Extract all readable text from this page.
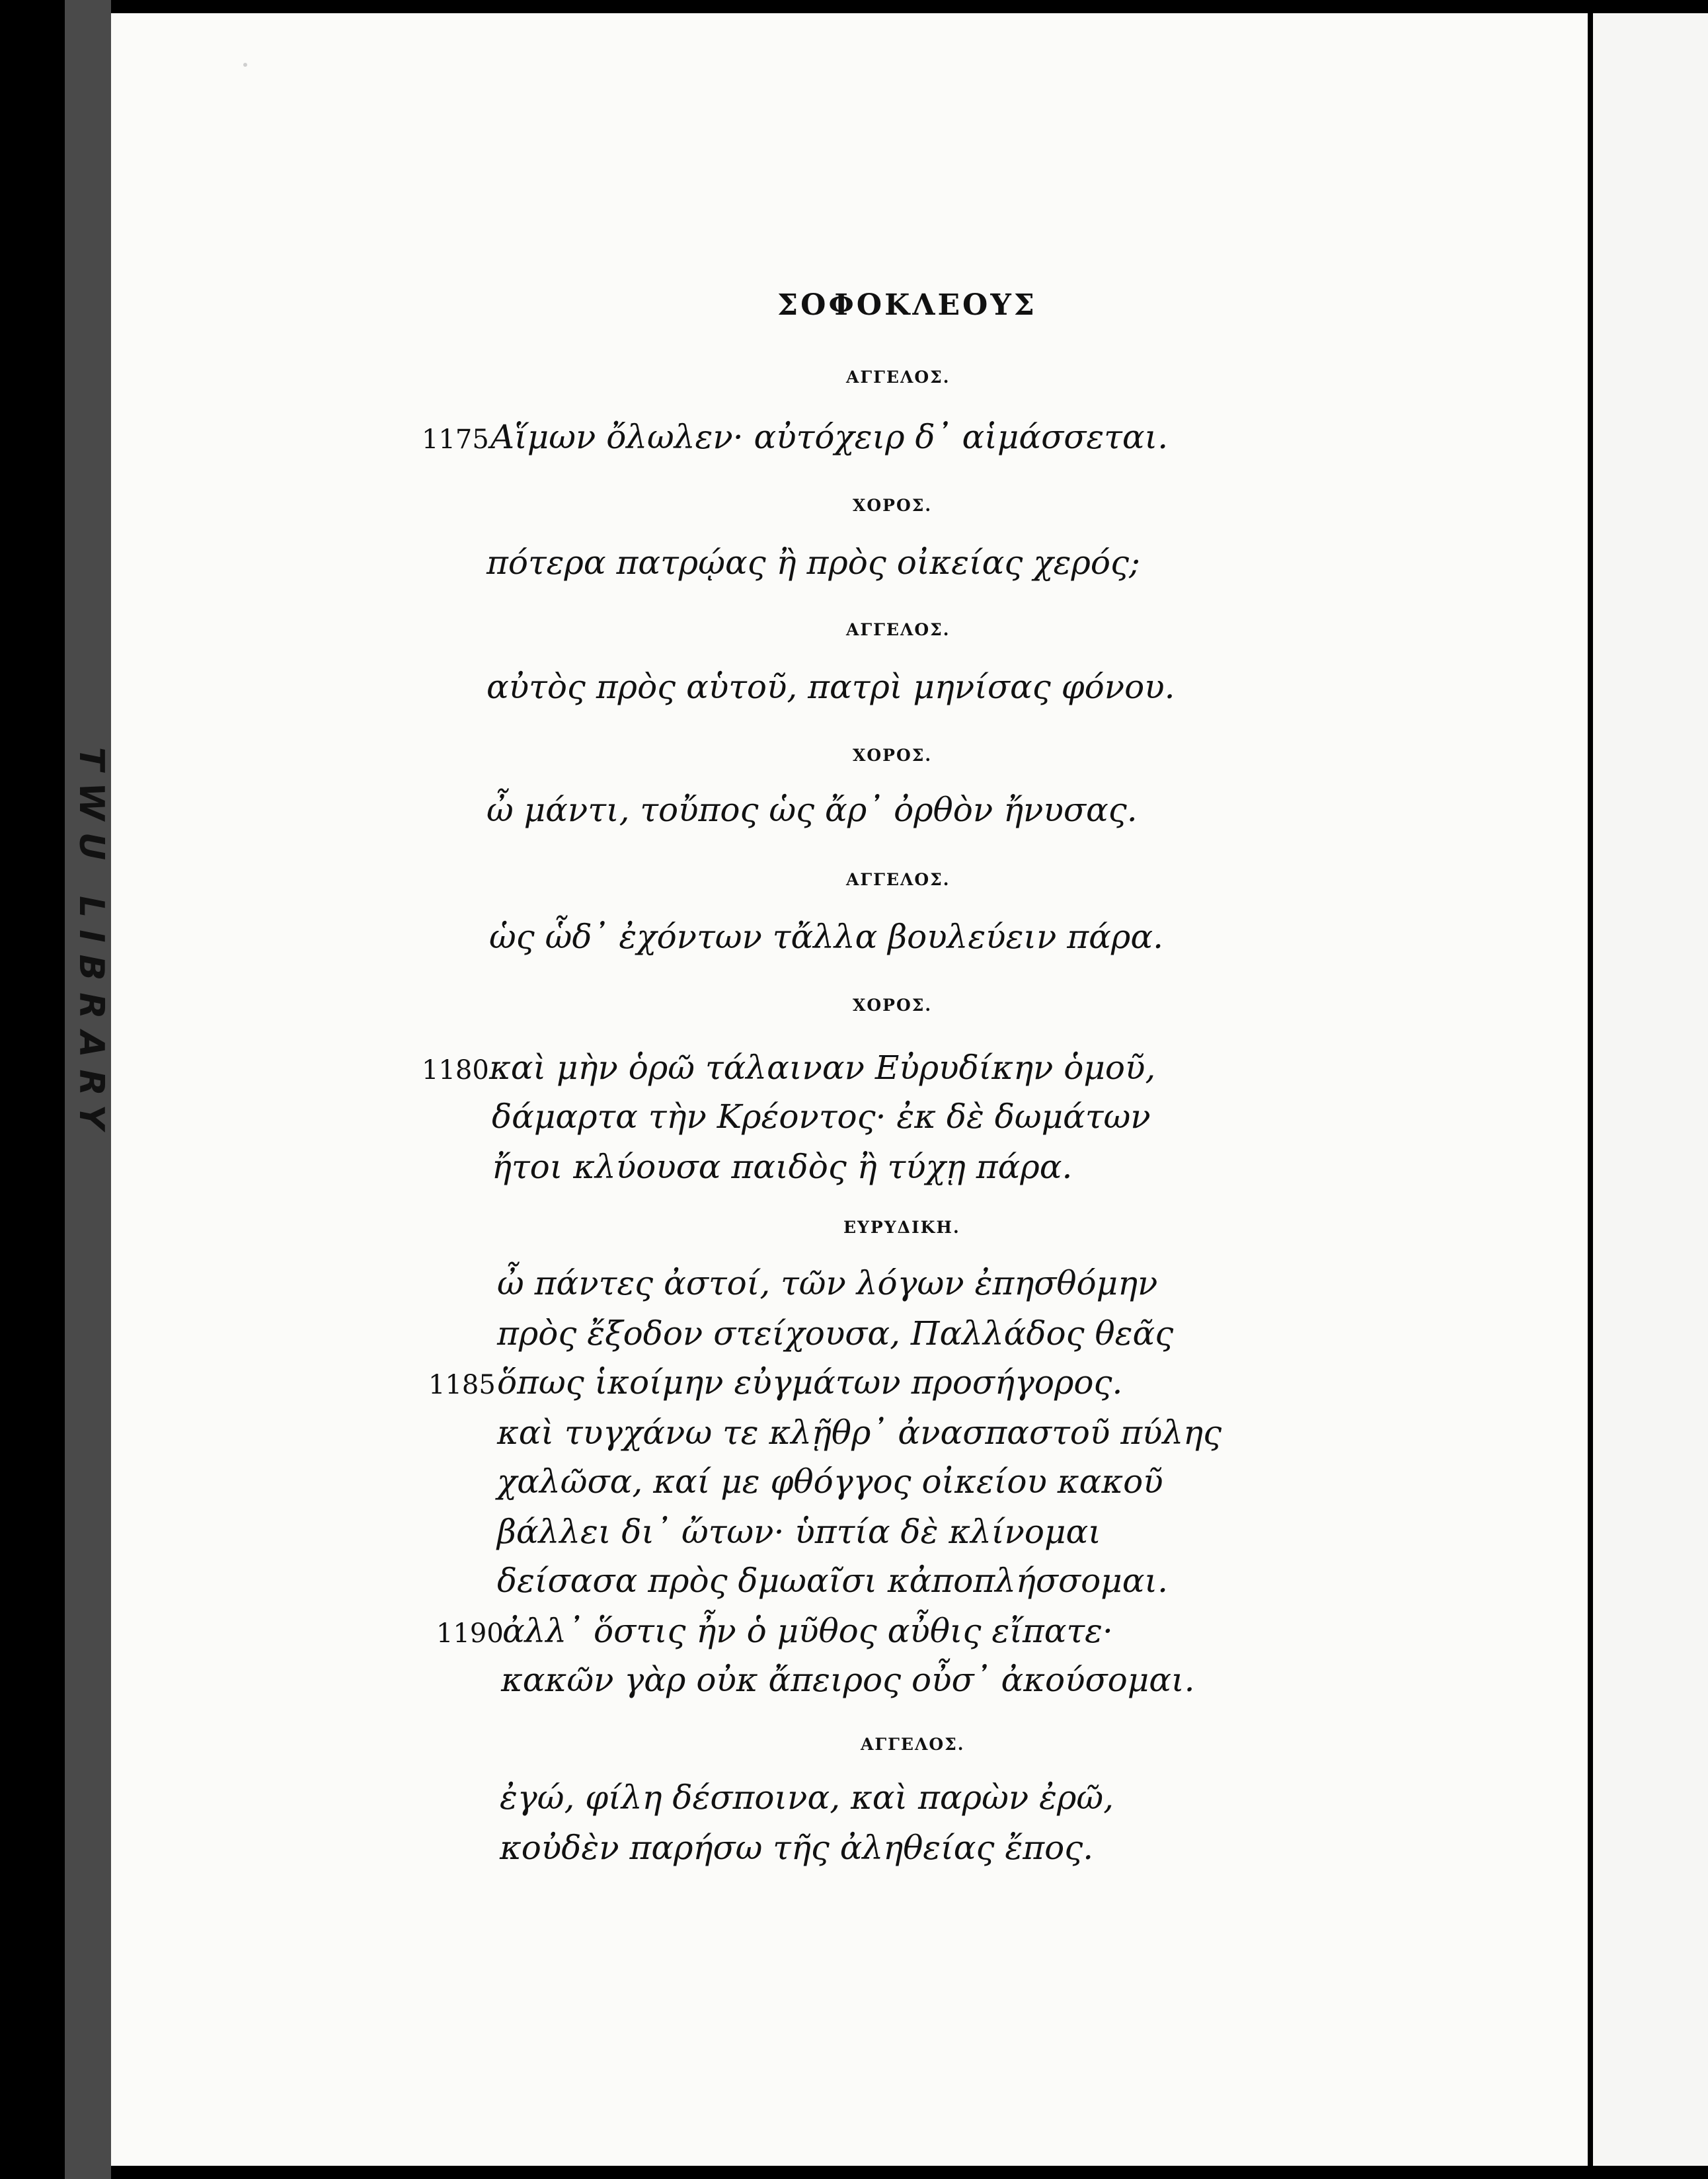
TWU LIBRARY
ΣΟΦΟΚΛΕΟΥΣ
ΑΓΓΕΛΟΣ.
ΧΟΡΟΣ.
ΑΓΓΕΛΟΣ.
ΧΟΡΟΣ.
ΑΓΓΕΛΟΣ.
ΧΟΡΟΣ.
ΕΥΡΥΔΙΚΗ.
ΑΓΓΕΛΟΣ.
1175
1180
1185
1190
Αἵμων ὄλωλεν· αὐτόχειρ δ᾽ αἱμάσσεται.
πότερα πατρῴας ἢ πρὸς οἰκείας χερός;
αὐτὸς πρὸς αὑτοῦ, πατρὶ μηνίσας φόνου.
ὦ μάντι, τοὔπος ὡς ἄρ᾽ ὀρθὸν ἤνυσας.
ὡς ὧδ᾽ ἐχόντων τἄλλα βουλεύειν πάρα.
καὶ μὴν ὁρῶ τάλαιναν Εὐρυδίκην ὁμοῦ,
δάμαρτα τὴν Κρέοντος· ἐκ δὲ δωμάτων
ἤτοι κλύουσα παιδὸς ἢ τύχῃ πάρα.
ὦ πάντες ἀστοί, τῶν λόγων ἐπησθόμην
πρὸς ἔξοδον στείχουσα, Παλλάδος θεᾶς
ὅπως ἱκοίμην εὐγμάτων προσήγορος.
καὶ τυγχάνω τε κλῇθρ᾽ ἀνασπαστοῦ πύλης
χαλῶσα, καί με φθόγγος οἰκείου κακοῦ
βάλλει δι᾽ ὤτων· ὑπτία δὲ κλίνομαι
δείσασα πρὸς δμωαῖσι κἀποπλήσσομαι.
ἀλλ᾽ ὅστις ἦν ὁ μῦθος αὖθις εἴπατε·
κακῶν γὰρ οὐκ ἄπειρος οὖσ᾽ ἀκούσομαι.
ἐγώ, φίλη δέσποινα, καὶ παρὼν ἐρῶ,
κοὐδὲν παρήσω τῆς ἀληθείας ἔπος.
